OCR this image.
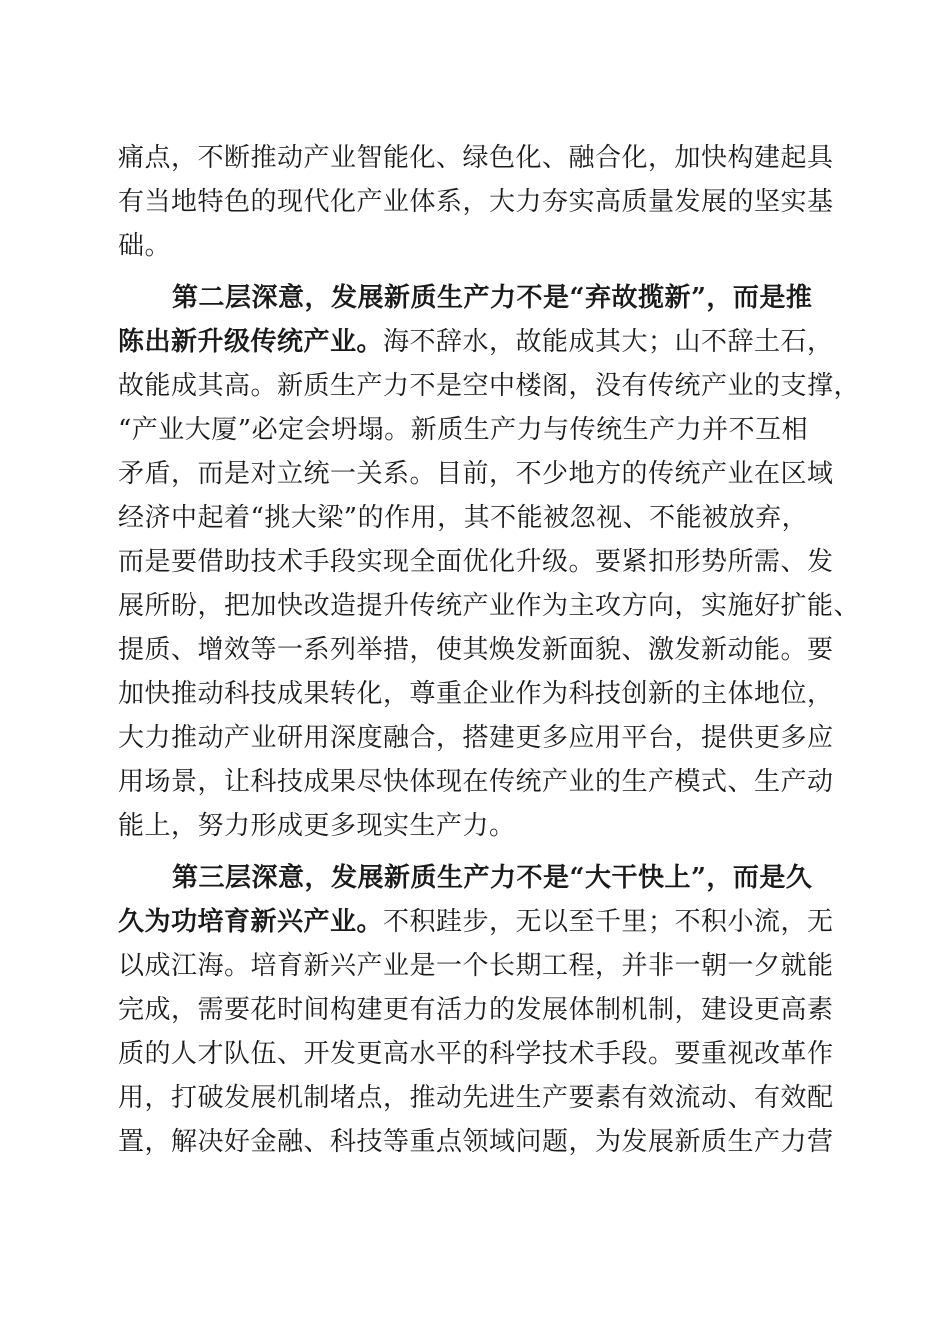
痛点，不断推动产业智能化、绿色化、融合化，加快构建起具
有当地特色的现代化产业体系，大力夯实高质量发展的坚实基
础。
第二层深意，发展新质生产力不是“弃故揽新”，而是推
陈出新升级传统产业。海不辞水，故能成其大；山不辞土石，
故能成其高。新质生产力不是空中楼阁，没有传统产业的支撑，
“产业大厦”必定会坍塌。新质生产力与传统生产力并不互相
矛盾，而是对立统一关系。目前，不少地方的传统产业在区域
经济中起着“挑大梁”的作用，其不能被忽视、不能被放弃，
而是要借助技术手段实现全面优化升级。要紧扣形势所需、发
展所盼，把加快改造提升传统产业作为主攻方向，实施好扩能、
提质、增效等一系列举措，使其焕发新面貌、激发新动能。要
加快推动科技成果转化，尊重企业作为科技创新的主体地位，
大力推动产业研用深度融合，搭建更多应用平台，提供更多应
用场景，让科技成果尽快体现在传统产业的生产模式、生产动
能上，努力形成更多现实生产力。
第三层深意，发展新质生产力不是“大干快上”，而是久
久为功培育新兴产业。不积跬步，无以至千里；不积小流，无
以成江海。培育新兴产业是一个长期工程，并非一朝一夕就能
完成，需要花时间构建更有活力的发展体制机制，建设更高素
质的人才队伍、开发更高水平的科学技术手段。要重视改革作
用，打破发展机制堵点，推动先进生产要素有效流动、有效配
置，解决好金融、科技等重点领域问题，为发展新质生产力营
